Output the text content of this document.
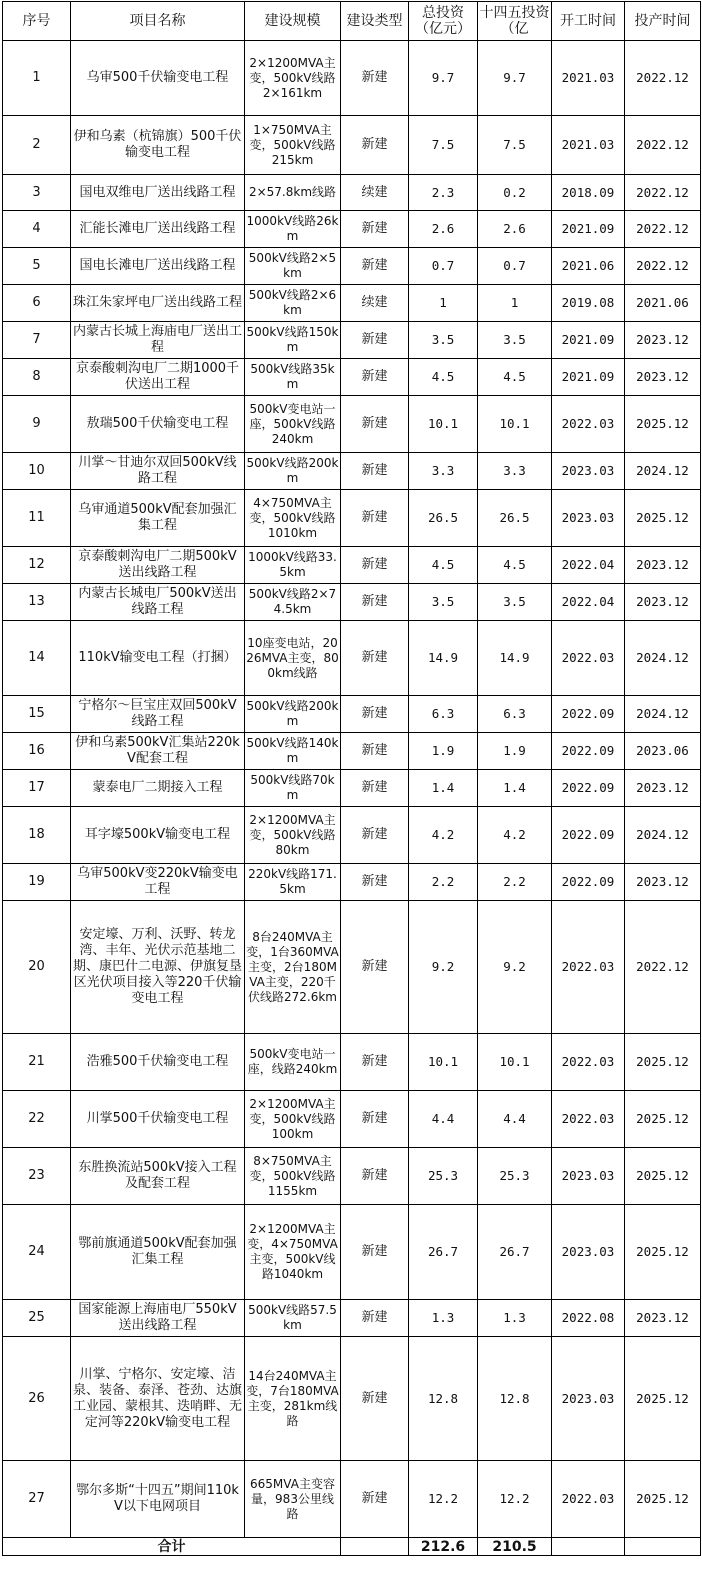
序号	项目名称	建设规模	建设类型	总投资（亿元）	十四五投资（亿	开工时间	投产时间
1	乌审500千伏输变电工程	2×1200MVA主变，500kV线路2×161km	新建	9.7	9.7	2021.03	2022.12
2	伊和乌素（杭锦旗）500千伏输变电工程	1×750MVA主变，500kV线路215km	新建	7.5	7.5	2021.03	2022.12
3	国电双维电厂送出线路工程	2×57.8km线路	续建	2.3	0.2	2018.09	2022.12
4	汇能长滩电厂送出线路工程	1000kV线路26km	新建	2.6	2.6	2021.09	2022.12
5	国电长滩电厂送出线路工程	500kV线路2×5km	新建	0.7	0.7	2021.06	2022.12
6	珠江朱家坪电厂送出线路工程	500kV线路2×6km	续建	1	1	2019.08	2021.06
7	内蒙古长城上海庙电厂送出工程	500kV线路150km	新建	3.5	3.5	2021.09	2023.12
8	京泰酸刺沟电厂二期1000千伏送出工程	500kV线路35km	新建	4.5	4.5	2021.09	2023.12
9	敖瑞500千伏输变电工程	500kV变电站一座，500kV线路240km	新建	10.1	10.1	2022.03	2025.12
10	川掌～甘迪尔双回500kV线路工程	500kV线路200km	新建	3.3	3.3	2023.03	2024.12
11	乌审通道500kV配套加强汇集工程	4×750MVA主变，500kV线路1010km	新建	26.5	26.5	2023.03	2025.12
12	京泰酸刺沟电厂二期500kV送出线路工程	1000kV线路33.5km	新建	4.5	4.5	2022.04	2023.12
13	内蒙古长城电厂500kV送出线路工程	500kV线路2×74.5km	新建	3.5	3.5	2022.04	2023.12
14	110kV输变电工程（打捆）	10座变电站，2026MVA主变，800km线路	新建	14.9	14.9	2022.03	2024.12
15	宁格尔～巨宝庄双回500kV线路工程	500kV线路200km	新建	6.3	6.3	2022.09	2024.12
16	伊和乌素500kV汇集站220kV配套工程	500kV线路140km	新建	1.9	1.9	2022.09	2023.06
17	蒙泰电厂二期接入工程	500kV线路70km	新建	1.4	1.4	2022.09	2023.12
18	耳字壕500kV输变电工程	2×1200MVA主变，500kV线路80km	新建	4.2	4.2	2022.09	2024.12
19	乌审500kV变220kV输变电工程	220kV线路171.5km	新建	2.2	2.2	2022.09	2023.12
20	安定壕、万利、沃野、转龙湾、丰年、光伏示范基地二期、康巴什二电源、伊旗复垦区光伏项目接入等220千伏输变电工程	8台240MVA主变，1台360MVA主变，2台180MVA主变，220千伏线路272.6km	新建	9.2	9.2	2022.03	2022.12
21	浩雅500千伏输变电工程	500kV变电站一座，线路240km	新建	10.1	10.1	2022.03	2025.12
22	川掌500千伏输变电工程	2×1200MVA主变，500kV线路100km	新建	4.4	4.4	2022.03	2025.12
23	东胜换流站500kV接入工程及配套工程	8×750MVA主变，500kV线路1155km	新建	25.3	25.3	2023.03	2025.12
24	鄂前旗通道500kV配套加强汇集工程	2×1200MVA主变，4×750MVA主变，500kV线路1040km	新建	26.7	26.7	2023.03	2025.12
25	国家能源上海庙电厂550kV送出线路工程	500kV线路57.5km	新建	1.3	1.3	2022.08	2023.12
26	川掌、宁格尔、安定壕、洁泉、装备、泰泽、苍劲、达旗工业园、蒙根其、迭哨畔、无定河等220kV输变电工程	14台240MVA主变，7台180MVA主变，281km线路	新建	12.8	12.8	2023.03	2025.12
27	鄂尔多斯“十四五”期间110kV以下电网项目	665MVA主变容量，983公里线路	新建	12.2	12.2	2022.03	2025.12
合计				212.6	210.5		
